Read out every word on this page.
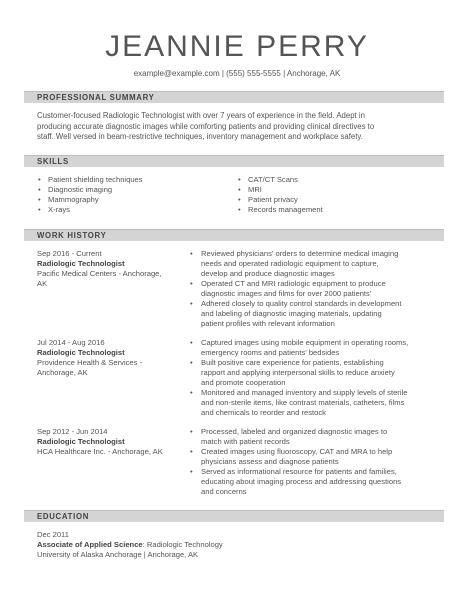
JEANNIE PERRY
example@example.com | (555) 555-5555 | Anchorage, AK
PROFESSIONAL SUMMARY
Customer-focused Radiologic Technologist with over 7 years of experience in the field. Adept in
producing accurate diagnostic images while comforting patients and providing clinical directives to
staff. Well versed in beam-restrictive techniques, inventory management and workplace safety.
SKILLS
• Patient shielding techniques
• Diagnostic imaging
• Mammography
• X-rays
• CAT/CT Scans
• MRI
• Patient privacy
• Records management
WORK HISTORY
Sep 2016 - Current
Radiologic Technologist
Pacific Medical Centers - Anchorage,
AK
• Reviewed physicians' orders to determine medical imaging
needs and operated radiologic equipment to capture,
develop and produce diagnostic images
• Operated CT and MRI radiologic equipment to produce
diagnostic images and films for over 2000 patients'
• Adhered closely to quality control standards in development
and labeling of diagnostic imaging materials, updating
patient profiles with relevant information
Jul 2014 - Aug 2016
Radiologic Technologist
Providence Health & Services -
Anchorage, AK
• Captured images using mobile equipment in operating rooms,
emergency rooms and patients' bedsides
• Built positive care experience for patients, establishing
rapport and applying interpersonal skills to reduce anxiety
and promote cooperation
• Monitored and managed inventory and supply levels of sterile
and non-sterile items, like contrast materials, catheters, films
and chemicals to reorder and restock
Sep 2012 - Jun 2014
Radiologic Technologist
HCA Healthcare Inc. - Anchorage, AK
• Processed, labeled and organized diagnostic images to
match with patient records
• Created images using fluoroscopy, CAT and MRA to help
physicians assess and diagnose patients
• Served as informational resource for patients and families,
educating about imaging process and addressing questions
and concerns
EDUCATION
Dec 2011
Associate of Applied Science: Radiologic Technology
University of Alaska Anchorage | Anchorage, AK
